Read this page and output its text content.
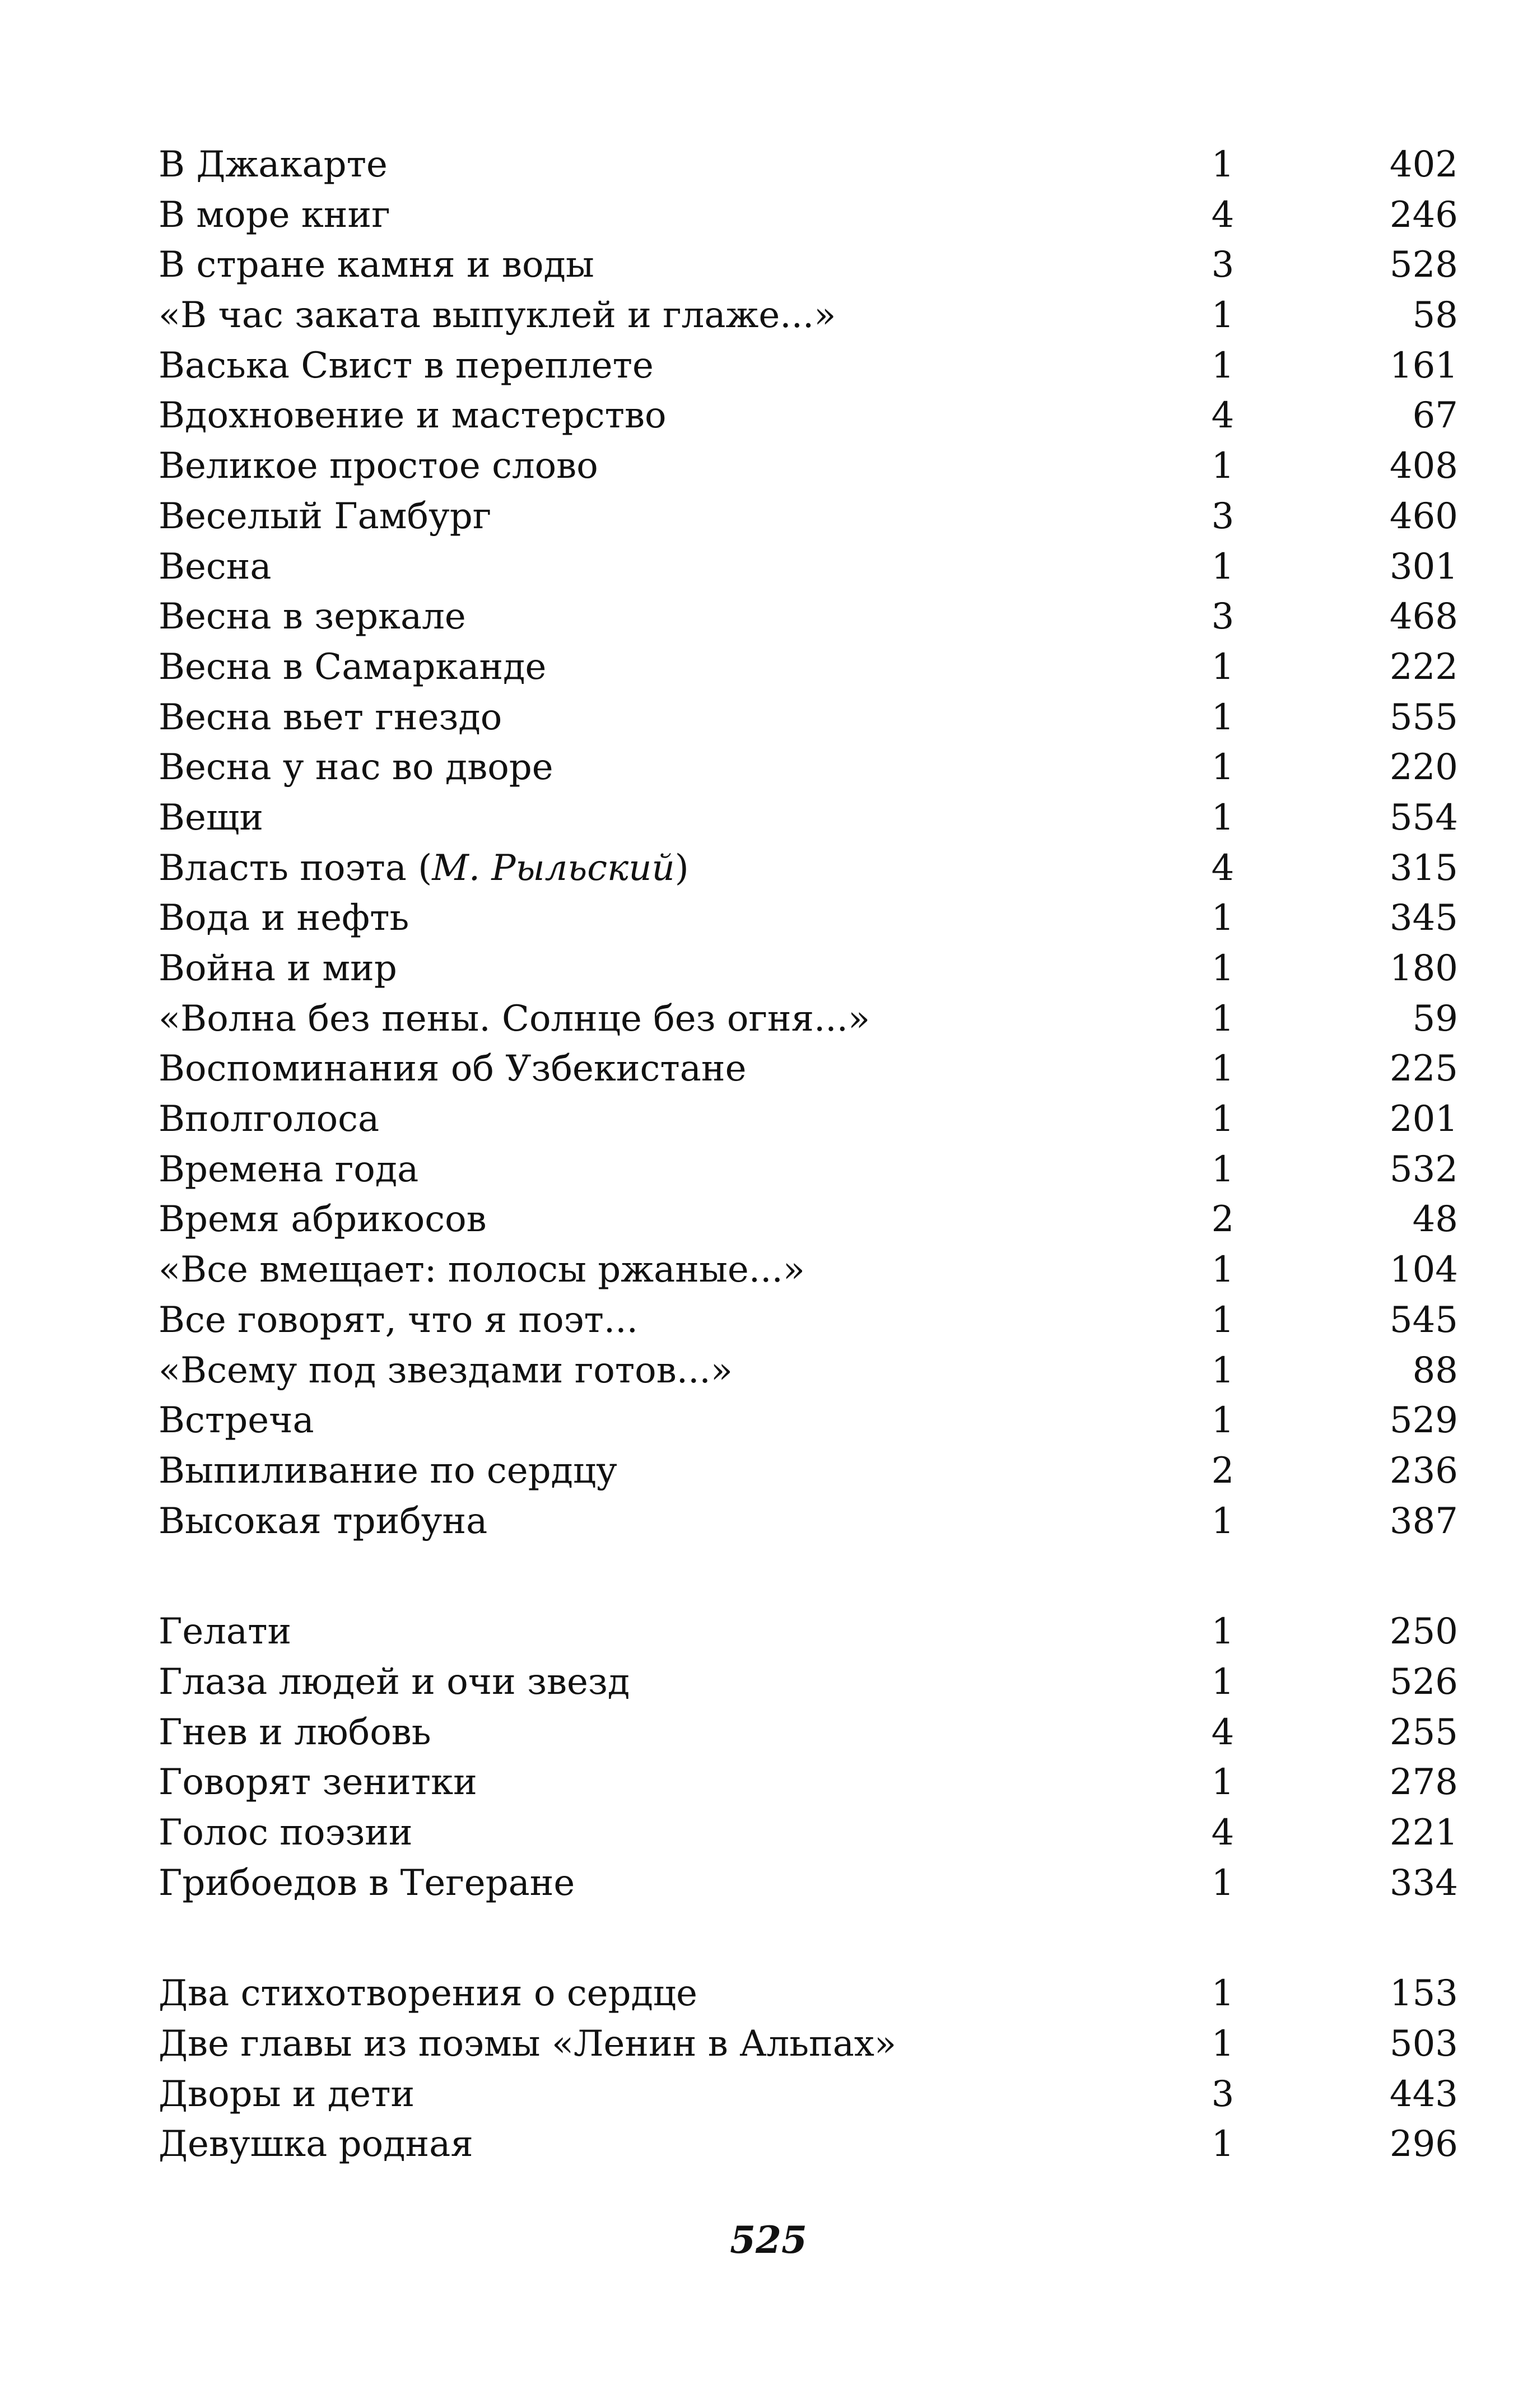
В Джакарте	1	402
В море книг	4	246
В стране камня и воды	3	528
«В час заката выпуклей и глаже...»	1	58
Васька Свист в переплете	1	161
Вдохновение и мастерство	4	67
Великое простое слово	1	408
Веселый Гамбург	3	460
Весна	1	301
Весна в зеркале	3	468
Весна в Самарканде	1	222
Весна вьет гнездо	1	555
Весна у нас во дворе	1	220
Вещи	1	554
Власть поэта (М. Рыльский)	4	315
Вода и нефть	1	345
Война и мир	1	180
«Волна без пены. Солнце без огня...»	1	59
Воспоминания об Узбекистане	1	225
Вполголоса	1	201
Времена года	1	532
Время абрикосов	2	48
«Все вмещает: полосы ржаные...»	1	104
Все говорят, что я поэт...	1	545
«Всему под звездами готов...»	1	88
Встреча	1	529
Выпиливание по сердцу	2	236
Высокая трибуна	1	387
Гелати	1	250
Глаза людей и очи звезд	1	526
Гнев и любовь	4	255
Говорят зенитки	1	278
Голос поэзии	4	221
Грибоедов в Тегеране	1	334
Два стихотворения о сердце	1	153
Две главы из поэмы «Ленин в Альпах»	1	503
Дворы и дети	3	443
Девушка родная	1	296
525
